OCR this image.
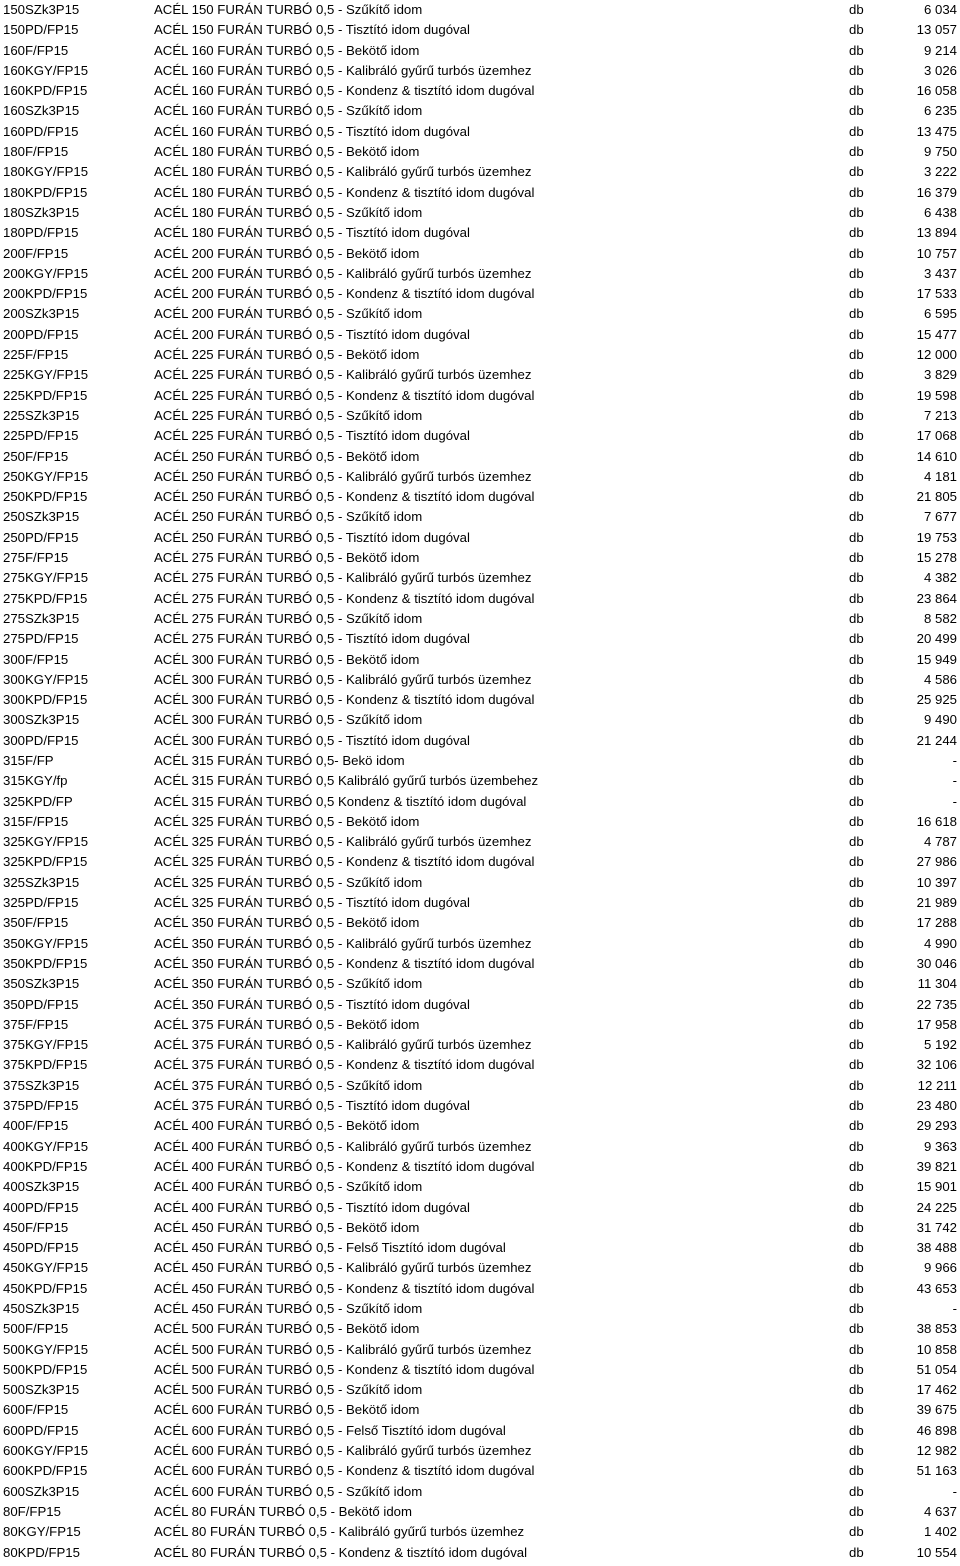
150SZk3P15	ACÉL 150 FURÁN TURBÓ 0,5 - Szűkítő idom	db	6 034
150PD/FP15	ACÉL 150 FURÁN TURBÓ 0,5 - Tisztító idom dugóval	db	13 057
160F/FP15	ACÉL 160 FURÁN TURBÓ 0,5 - Bekötő idom	db	9 214
160KGY/FP15	ACÉL 160 FURÁN TURBÓ 0,5 - Kalibráló gyűrű turbós üzemhez	db	3 026
160KPD/FP15	ACÉL 160 FURÁN TURBÓ 0,5 - Kondenz & tisztító idom dugóval	db	16 058
160SZk3P15	ACÉL 160 FURÁN TURBÓ 0,5 - Szűkítő idom	db	6 235
160PD/FP15	ACÉL 160 FURÁN TURBÓ 0,5 - Tisztító idom dugóval	db	13 475
180F/FP15	ACÉL 180 FURÁN TURBÓ 0,5 - Bekötő idom	db	9 750
180KGY/FP15	ACÉL 180 FURÁN TURBÓ 0,5 - Kalibráló gyűrű turbós üzemhez	db	3 222
180KPD/FP15	ACÉL 180 FURÁN TURBÓ 0,5 - Kondenz & tisztító idom dugóval	db	16 379
180SZk3P15	ACÉL 180 FURÁN TURBÓ 0,5 - Szűkítő idom	db	6 438
180PD/FP15	ACÉL 180 FURÁN TURBÓ 0,5 - Tisztító idom dugóval	db	13 894
200F/FP15	ACÉL 200 FURÁN TURBÓ 0,5 - Bekötő idom	db	10 757
200KGY/FP15	ACÉL 200 FURÁN TURBÓ 0,5 - Kalibráló gyűrű turbós üzemhez	db	3 437
200KPD/FP15	ACÉL 200 FURÁN TURBÓ 0,5 - Kondenz & tisztító idom dugóval	db	17 533
200SZk3P15	ACÉL 200 FURÁN TURBÓ 0,5 - Szűkítő idom	db	6 595
200PD/FP15	ACÉL 200 FURÁN TURBÓ 0,5 - Tisztító idom dugóval	db	15 477
225F/FP15	ACÉL 225 FURÁN TURBÓ 0,5 - Bekötő idom	db	12 000
225KGY/FP15	ACÉL 225 FURÁN TURBÓ 0,5 - Kalibráló gyűrű turbós üzemhez	db	3 829
225KPD/FP15	ACÉL 225 FURÁN TURBÓ 0,5 - Kondenz & tisztító idom dugóval	db	19 598
225SZk3P15	ACÉL 225 FURÁN TURBÓ 0,5 - Szűkítő idom	db	7 213
225PD/FP15	ACÉL 225 FURÁN TURBÓ 0,5 - Tisztító idom dugóval	db	17 068
250F/FP15	ACÉL 250 FURÁN TURBÓ 0,5 - Bekötő idom	db	14 610
250KGY/FP15	ACÉL 250 FURÁN TURBÓ 0,5 - Kalibráló gyűrű turbós üzemhez	db	4 181
250KPD/FP15	ACÉL 250 FURÁN TURBÓ 0,5 - Kondenz & tisztító idom dugóval	db	21 805
250SZk3P15	ACÉL 250 FURÁN TURBÓ 0,5 - Szűkítő idom	db	7 677
250PD/FP15	ACÉL 250 FURÁN TURBÓ 0,5 - Tisztító idom dugóval	db	19 753
275F/FP15	ACÉL 275 FURÁN TURBÓ 0,5 - Bekötő idom	db	15 278
275KGY/FP15	ACÉL 275 FURÁN TURBÓ 0,5 - Kalibráló gyűrű turbós üzemhez	db	4 382
275KPD/FP15	ACÉL 275 FURÁN TURBÓ 0,5 - Kondenz & tisztító idom dugóval	db	23 864
275SZk3P15	ACÉL 275 FURÁN TURBÓ 0,5 - Szűkítő idom	db	8 582
275PD/FP15	ACÉL 275 FURÁN TURBÓ 0,5 - Tisztító idom dugóval	db	20 499
300F/FP15	ACÉL 300 FURÁN TURBÓ 0,5 - Bekötő idom	db	15 949
300KGY/FP15	ACÉL 300 FURÁN TURBÓ 0,5 - Kalibráló gyűrű turbós üzemhez	db	4 586
300KPD/FP15	ACÉL 300 FURÁN TURBÓ 0,5 - Kondenz & tisztító idom dugóval	db	25 925
300SZk3P15	ACÉL 300 FURÁN TURBÓ 0,5 - Szűkítő idom	db	9 490
300PD/FP15	ACÉL 300 FURÁN TURBÓ 0,5 - Tisztító idom dugóval	db	21 244
315F/FP	ACÉL 315 FURÁN TURBÓ 0,5- Bekö idom	db	-
315KGY/fp	ACÉL 315 FURÁN TURBÓ 0,5 Kalibráló gyűrű turbós üzembehez	db	-
325KPD/FP	ACÉL 315 FURÁN TURBÓ 0,5 Kondenz & tisztító idom dugóval	db	-
315F/FP15	ACÉL 325 FURÁN TURBÓ 0,5 - Bekötő idom	db	16 618
325KGY/FP15	ACÉL 325 FURÁN TURBÓ 0,5 - Kalibráló gyűrű turbós üzemhez	db	4 787
325KPD/FP15	ACÉL 325 FURÁN TURBÓ 0,5 - Kondenz & tisztító idom dugóval	db	27 986
325SZk3P15	ACÉL 325 FURÁN TURBÓ 0,5 - Szűkítő idom	db	10 397
325PD/FP15	ACÉL 325 FURÁN TURBÓ 0,5 - Tisztító idom dugóval	db	21 989
350F/FP15	ACÉL 350 FURÁN TURBÓ 0,5 - Bekötő idom	db	17 288
350KGY/FP15	ACÉL 350 FURÁN TURBÓ 0,5 - Kalibráló gyűrű turbós üzemhez	db	4 990
350KPD/FP15	ACÉL 350 FURÁN TURBÓ 0,5 - Kondenz & tisztító idom dugóval	db	30 046
350SZk3P15	ACÉL 350 FURÁN TURBÓ 0,5 - Szűkítő idom	db	11 304
350PD/FP15	ACÉL 350 FURÁN TURBÓ 0,5 - Tisztító idom dugóval	db	22 735
375F/FP15	ACÉL 375 FURÁN TURBÓ 0,5 - Bekötő idom	db	17 958
375KGY/FP15	ACÉL 375 FURÁN TURBÓ 0,5 - Kalibráló gyűrű turbós üzemhez	db	5 192
375KPD/FP15	ACÉL 375 FURÁN TURBÓ 0,5 - Kondenz & tisztító idom dugóval	db	32 106
375SZk3P15	ACÉL 375 FURÁN TURBÓ 0,5 - Szűkítő idom	db	12 211
375PD/FP15	ACÉL 375 FURÁN TURBÓ 0,5 - Tisztító idom dugóval	db	23 480
400F/FP15	ACÉL 400 FURÁN TURBÓ 0,5 - Bekötő idom	db	29 293
400KGY/FP15	ACÉL 400 FURÁN TURBÓ 0,5 - Kalibráló gyűrű turbós üzemhez	db	9 363
400KPD/FP15	ACÉL 400 FURÁN TURBÓ 0,5 - Kondenz & tisztító idom dugóval	db	39 821
400SZk3P15	ACÉL 400 FURÁN TURBÓ 0,5 - Szűkítő idom	db	15 901
400PD/FP15	ACÉL 400 FURÁN TURBÓ 0,5 - Tisztító idom dugóval	db	24 225
450F/FP15	ACÉL 450 FURÁN TURBÓ 0,5 - Bekötő idom	db	31 742
450PD/FP15	ACÉL 450 FURÁN TURBÓ 0,5 - Felső Tisztító idom dugóval	db	38 488
450KGY/FP15	ACÉL 450 FURÁN TURBÓ 0,5 - Kalibráló gyűrű turbós üzemhez	db	9 966
450KPD/FP15	ACÉL 450 FURÁN TURBÓ 0,5 - Kondenz & tisztító idom dugóval	db	43 653
450SZk3P15	ACÉL 450 FURÁN TURBÓ 0,5 - Szűkítő idom	db	-
500F/FP15	ACÉL 500 FURÁN TURBÓ 0,5 - Bekötő idom	db	38 853
500KGY/FP15	ACÉL 500 FURÁN TURBÓ 0,5 - Kalibráló gyűrű turbós üzemhez	db	10 858
500KPD/FP15	ACÉL 500 FURÁN TURBÓ 0,5 - Kondenz & tisztító idom dugóval	db	51 054
500SZk3P15	ACÉL 500 FURÁN TURBÓ 0,5 - Szűkítő idom	db	17 462
600F/FP15	ACÉL 600 FURÁN TURBÓ 0,5 - Bekötő idom	db	39 675
600PD/FP15	ACÉL 600 FURÁN TURBÓ 0,5 - Felső Tisztító idom dugóval	db	46 898
600KGY/FP15	ACÉL 600 FURÁN TURBÓ 0,5 - Kalibráló gyűrű turbós üzemhez	db	12 982
600KPD/FP15	ACÉL 600 FURÁN TURBÓ 0,5 - Kondenz & tisztító idom dugóval	db	51 163
600SZk3P15	ACÉL 600 FURÁN TURBÓ 0,5 - Szűkítő idom	db	-
80F/FP15	ACÉL 80 FURÁN TURBÓ 0,5 - Bekötő idom	db	4 637
80KGY/FP15	ACÉL 80 FURÁN TURBÓ 0,5 - Kalibráló gyűrű turbós üzemhez	db	1 402
80KPD/FP15	ACÉL 80 FURÁN TURBÓ 0,5 - Kondenz & tisztító idom dugóval	db	10 554
